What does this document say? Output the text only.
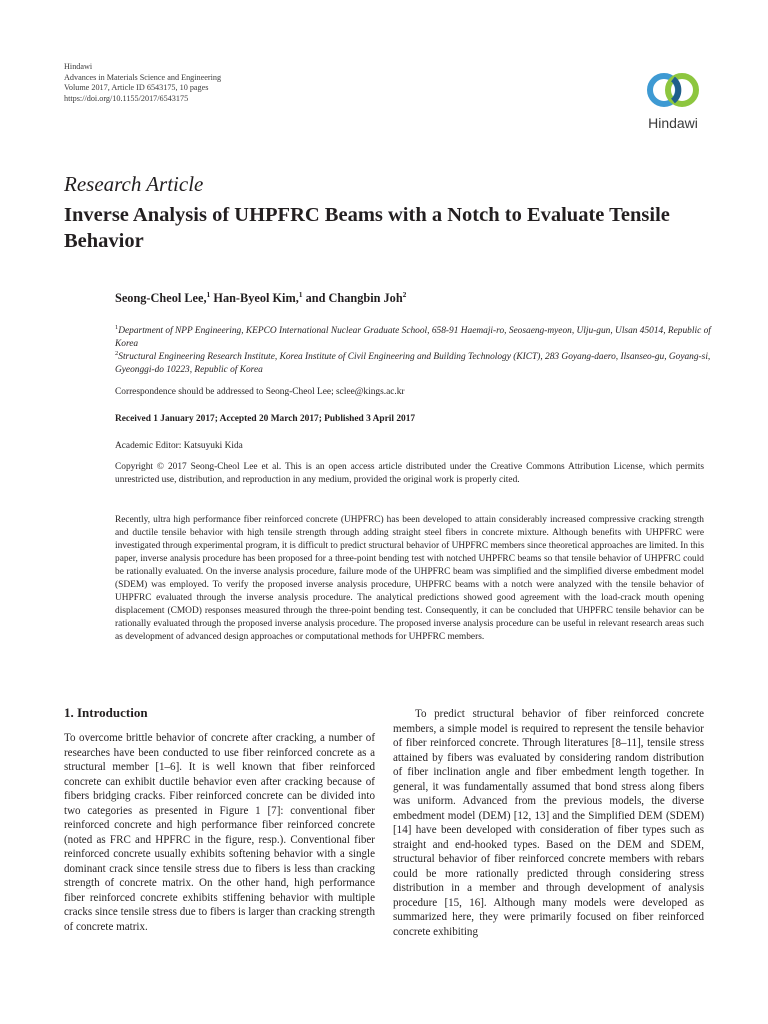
Hindawi
Advances in Materials Science and Engineering
Volume 2017, Article ID 6543175, 10 pages
https://doi.org/10.1155/2017/6543175
Hindawi
Research Article
Inverse Analysis of UHPFRC Beams with a Notch to Evaluate Tensile Behavior
Seong-Cheol Lee,$^1$ Han-Byeol Kim,$^1$ and Changbin Joh$^2$
$^1$Department of NPP Engineering, KEPCO International Nuclear Graduate School, 658-91 Haemaji-ro, Seosaeng-myeon, Ulju-gun, Ulsan 45014, Republic of Korea
$^2$Structural Engineering Research Institute, Korea Institute of Civil Engineering and Building Technology (KICT), 283 Goyang-daero, Ilsanseo-gu, Goyang-si, Gyeonggi-do 10223, Republic of Korea
Correspondence should be addressed to Seong-Cheol Lee; sclee@kings.ac.kr
Received 1 January 2017; Accepted 20 March 2017; Published 3 April 2017
Academic Editor: Katsuyuki Kida
Copyright © 2017 Seong-Cheol Lee et al. This is an open access article distributed under the Creative Commons Attribution License, which permits unrestricted use, distribution, and reproduction in any medium, provided the original work is properly cited.
Recently, ultra high performance fiber reinforced concrete (UHPFRC) has been developed to attain considerably increased compressive cracking strength and ductile tensile behavior with high tensile strength through adding straight steel fibers in concrete mixture. Although benefits with UHPFRC were investigated through experimental program, it is difficult to predict structural behavior of UHPFRC members since theoretical approaches are limited. In this paper, inverse analysis procedure has been proposed for a three-point bending test with notched UHPFRC beams so that tensile behavior of UHPFRC could be rationally evaluated. On the inverse analysis procedure, failure mode of the UHPFRC beam was simplified and the simplified diverse embedment model (SDEM) was employed. To verify the proposed inverse analysis procedure, UHPFRC beams with a notch were analyzed with the tensile behavior of UHPFRC evaluated through the inverse analysis procedure. The analytical predictions showed good agreement with the load-crack mouth opening displacement (CMOD) responses measured through the three-point bending test. Consequently, it can be concluded that UHPFRC tensile behavior can be rationally evaluated through the proposed inverse analysis procedure. The proposed inverse analysis procedure can be useful in relevant research areas such as development of advanced design approaches or computational methods for UHPFRC members.
1. Introduction

To overcome brittle behavior of concrete after cracking, a number of researches have been conducted to use fiber reinforced concrete as a structural member [1–6]. It is well known that fiber reinforced concrete can exhibit ductile behavior even after cracking because of fibers bridging cracks. Fiber reinforced concrete can be divided into two categories as presented in Figure 1 [7]: conventional fiber reinforced concrete and high performance fiber reinforced concrete (noted as FRC and HPFRC in the figure, resp.). Conventional fiber reinforced concrete usually exhibits softening behavior with a single dominant crack since tensile stress due to fibers is less than cracking strength of concrete matrix. On the other hand, high performance fiber reinforced concrete exhibits stiffening behavior with multiple cracks since tensile stress due to fibers is larger than cracking strength of concrete matrix.

To predict structural behavior of fiber reinforced concrete members, a simple model is required to represent the tensile behavior of fiber reinforced concrete. Through literatures [8–11], tensile stress attained by fibers was evaluated by considering random distribution of fiber inclination angle and fiber embedment length together. In general, it was fundamentally assumed that bond stress along fibers was uniform. Advanced from the previous models, the diverse embedment model (DEM) [12, 13] and the Simplified DEM (SDEM) [14] have been developed with consideration of fiber types such as straight and end-hooked types. Based on the DEM and SDEM, structural behavior of fiber reinforced concrete members with rebars could be more rationally predicted through considering stress distribution in a member and through development of analysis procedure [15, 16]. Although many models were developed as summarized here, they were primarily focused on fiber reinforced concrete exhibiting
